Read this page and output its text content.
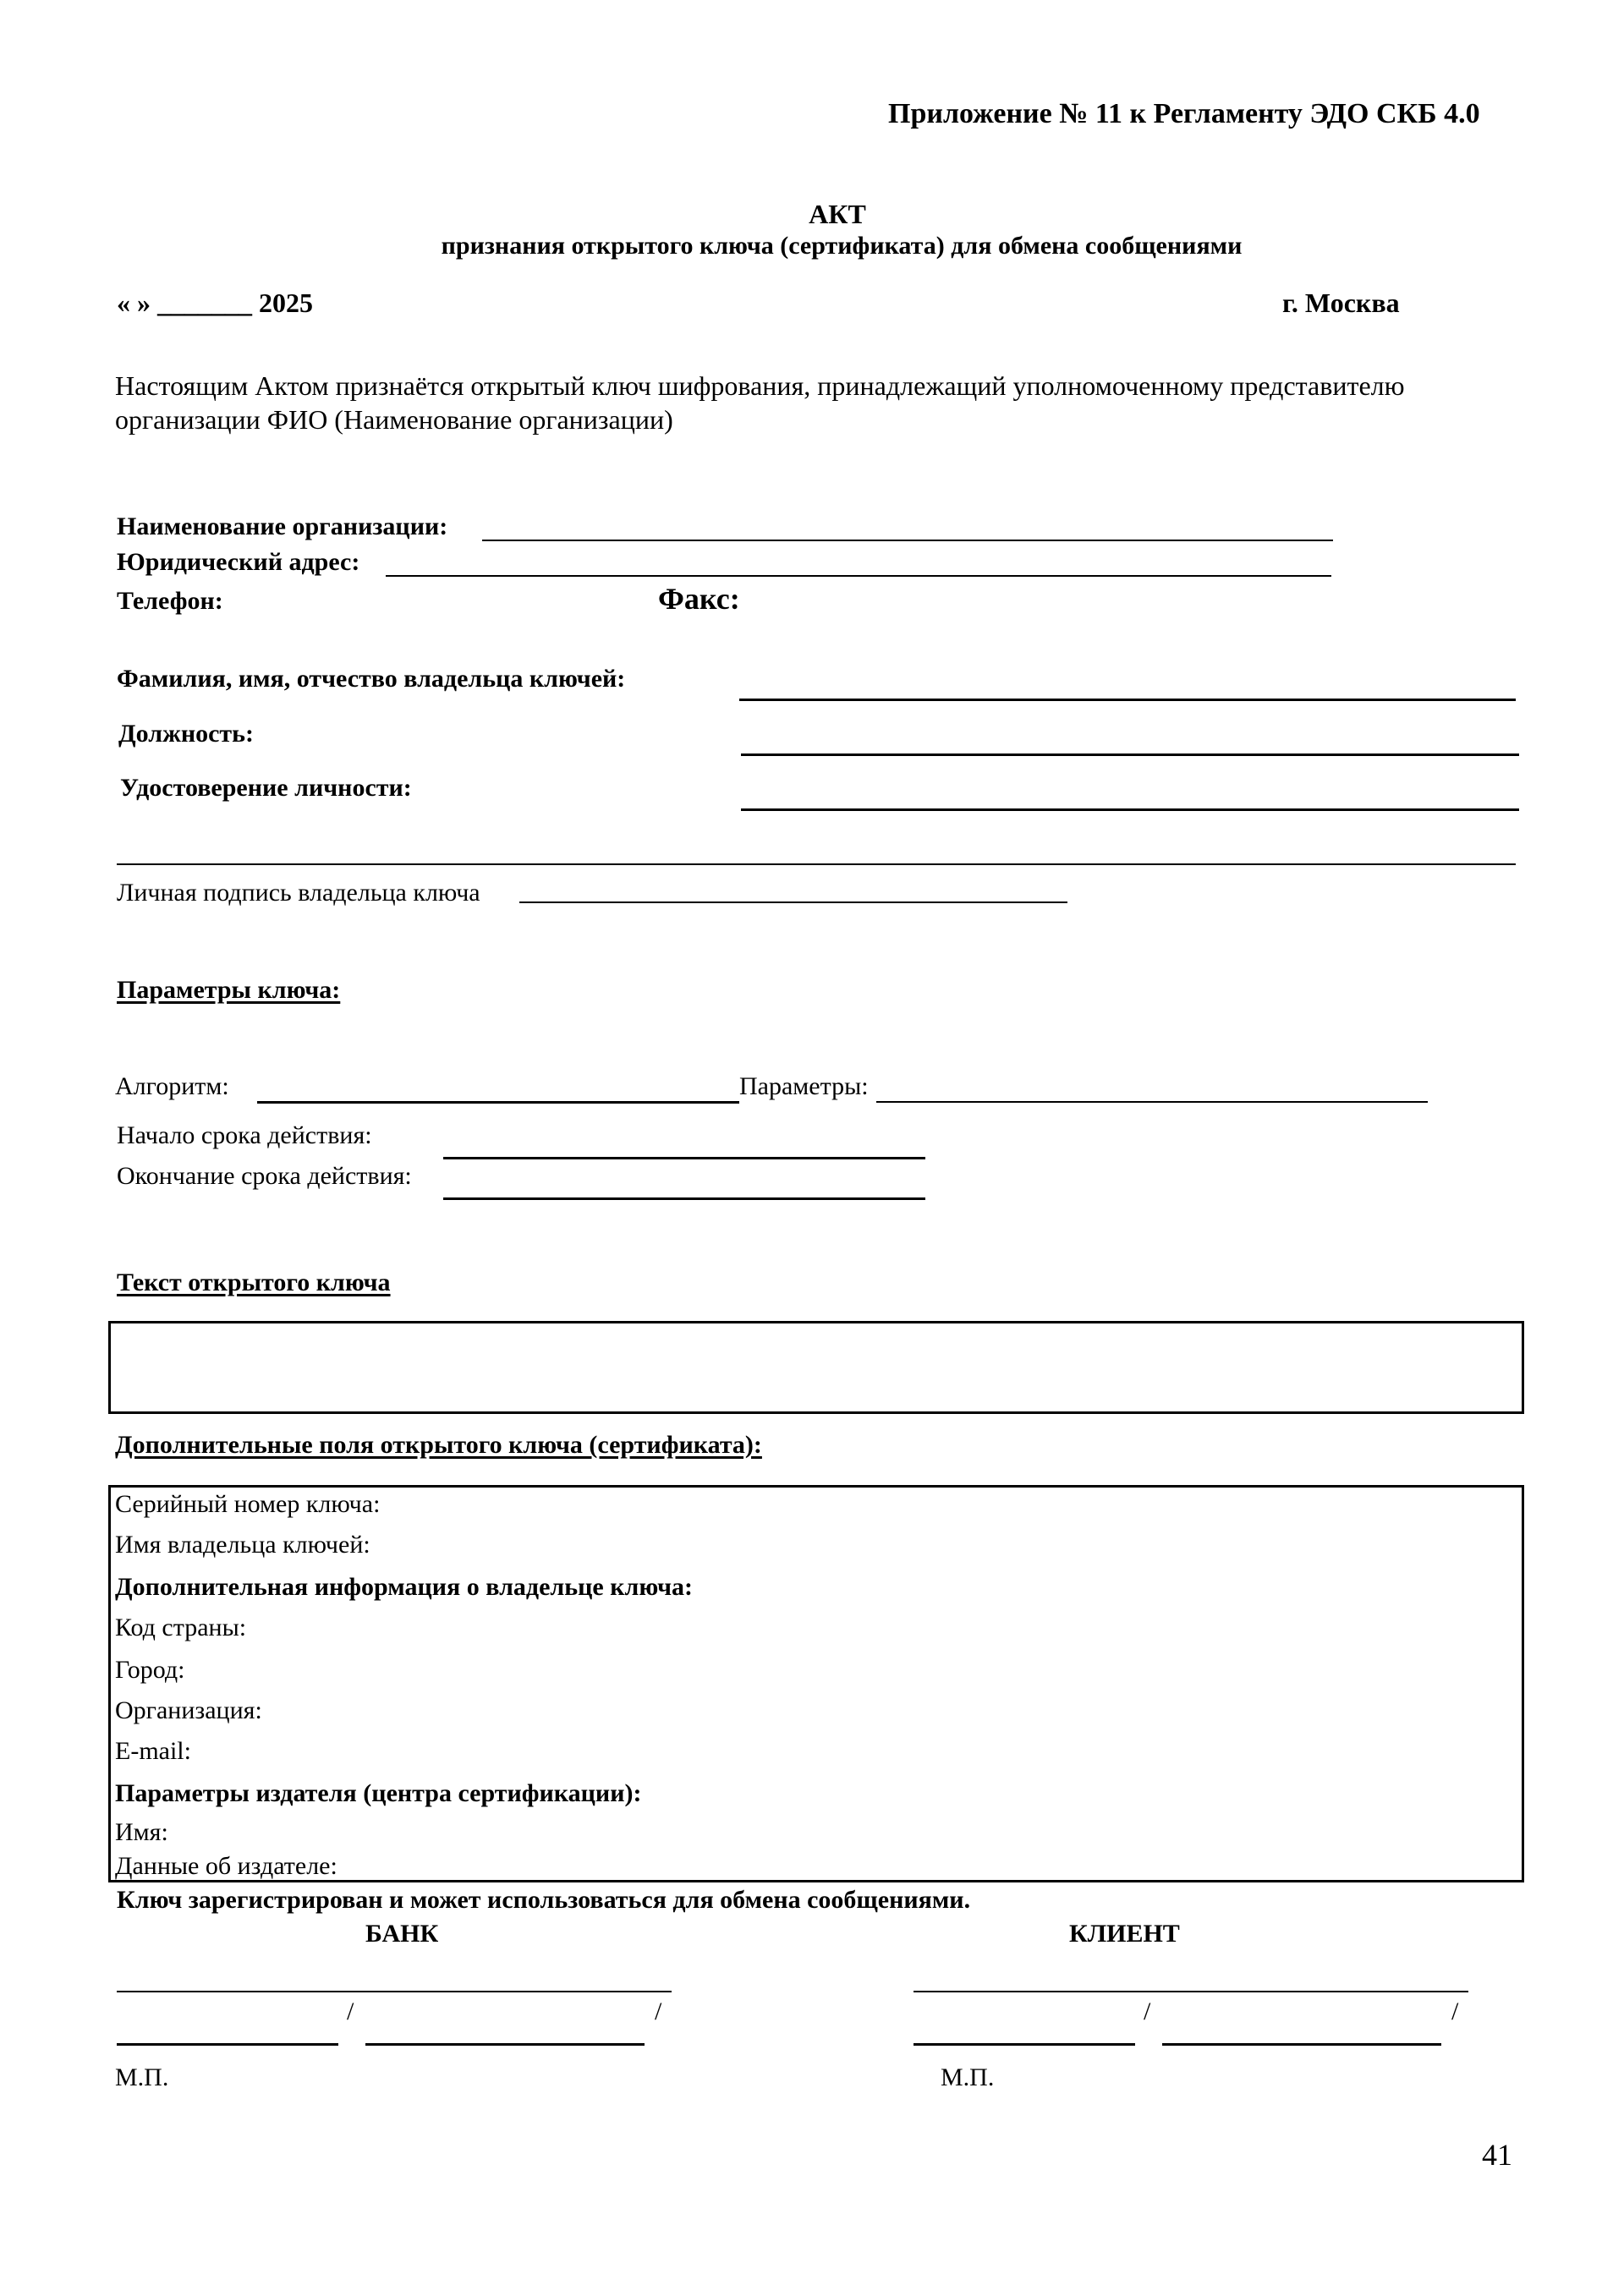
Приложение № 11 к Регламенту ЭДО СКБ 4.0
АКТ
признания открытого ключа (сертификата) для обмена сообщениями
« » _______ 2025	г. Москва
Настоящим Актом признаётся открытый ключ шифрования, принадлежащий уполномоченному представителю
организации ФИО (Наименование организации)
Наименование организации:
Юридический адрес:
Телефон:	Факс:
Фамилия, имя, отчество владельца ключей:
Должность:
Удостоверение личности:
Личная подпись владельца ключа
Параметры ключа:
Алгоритм:	Параметры:
Начало срока действия:
Окончание срока действия:
Текст открытого ключа
Дополнительные поля открытого ключа (сертификата):
Серийный номер ключа:
Имя владельца ключей:
Дополнительная информация о владельце ключа:
Код страны:
Город:
Организация:
E-mail:
Параметры издателя (центра сертификации):
Имя:
Данные об издателе:
Ключ зарегистрирован и может использоваться для обмена сообщениями.
БАНК	КЛИЕНТ
/	/	/	/
М.П.	М.П.
41
